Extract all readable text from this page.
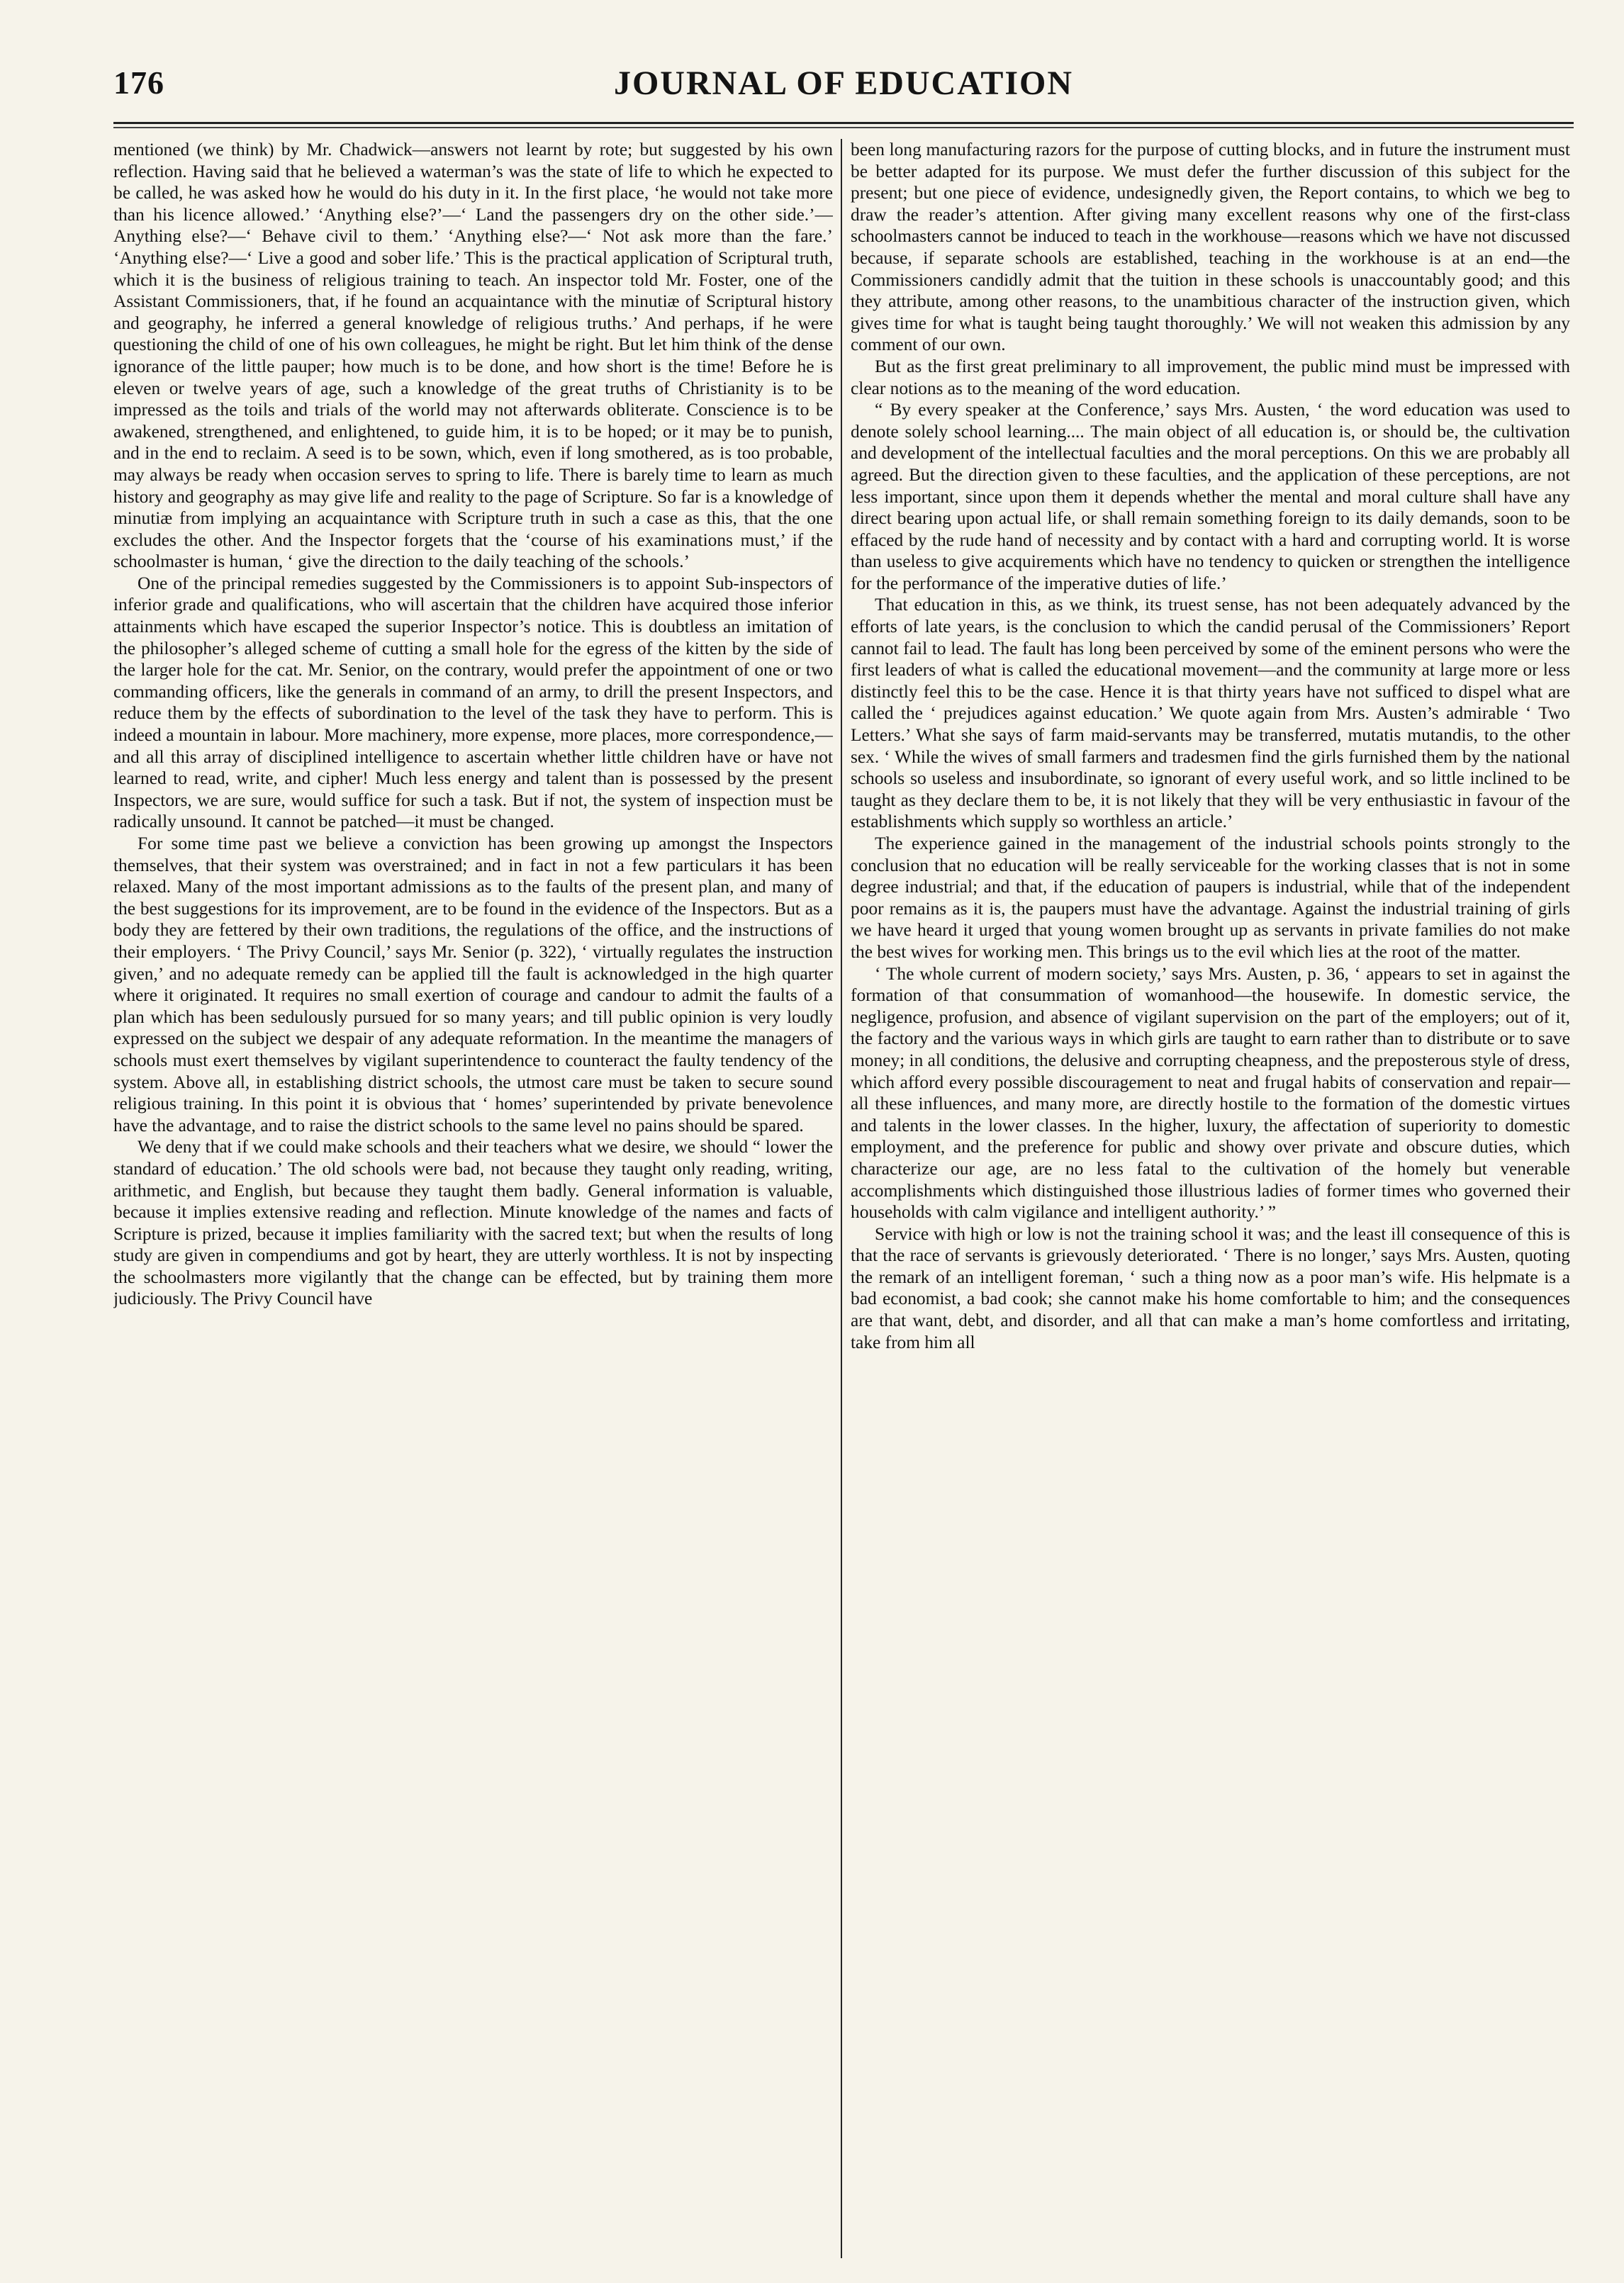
176	JOURNAL OF EDUCATION

mentioned (we think) by Mr. Chadwick—answers not learnt by rote; but suggested by his own reflection. Having said that he believed a waterman’s was the state of life to which he expected to be called, he was asked how he would do his duty in it. In the first place, ‘he would not take more than his licence allowed.’ ‘Anything else?’—‘ Land the passengers dry on the other side.’— Anything else?—‘ Behave civil to them.’ ‘Anything else?—‘ Not ask more than the fare.’ ‘Anything else?—‘ Live a good and sober life.’ This is the practical application of Scriptural truth, which it is the business of religious training to teach. An inspector told Mr. Foster, one of the Assistant Commissioners, that, if he found an acquaintance with the minutiæ of Scriptural history and geography, he inferred a general knowledge of religious truths.’ And perhaps, if he were questioning the child of one of his own colleagues, he might be right. But let him think of the dense ignorance of the little pauper; how much is to be done, and how short is the time! Before he is eleven or twelve years of age, such a knowledge of the great truths of Christianity is to be impressed as the toils and trials of the world may not afterwards obliterate. Conscience is to be awakened, strengthened, and enlightened, to guide him, it is to be hoped; or it may be to punish, and in the end to reclaim. A seed is to be sown, which, even if long smothered, as is too probable, may always be ready when occasion serves to spring to life. There is barely time to learn as much history and geography as may give life and reality to the page of Scripture. So far is a knowledge of minutiæ from implying an acquaintance with Scripture truth in such a case as this, that the one excludes the other. And the Inspector forgets that the ‘course of his examinations must,’ if the schoolmaster is human, ‘ give the direction to the daily teaching of the schools.’

One of the principal remedies suggested by the Commissioners is to appoint Sub-inspectors of inferior grade and qualifications, who will ascertain that the children have acquired those inferior attainments which have escaped the superior Inspector’s notice. This is doubtless an imitation of the philosopher’s alleged scheme of cutting a small hole for the egress of the kitten by the side of the larger hole for the cat. Mr. Senior, on the contrary, would prefer the appointment of one or two commanding officers, like the generals in command of an army, to drill the present Inspectors, and reduce them by the effects of subordination to the level of the task they have to perform. This is indeed a mountain in labour. More machinery, more expense, more places, more correspondence,—and all this array of disciplined intelligence to ascertain whether little children have or have not learned to read, write, and cipher! Much less energy and talent than is possessed by the present Inspectors, we are sure, would suffice for such a task. But if not, the system of inspection must be radically unsound. It cannot be patched—it must be changed.

For some time past we believe a conviction has been growing up amongst the Inspectors themselves, that their system was overstrained; and in fact in not a few particulars it has been relaxed. Many of the most important admissions as to the faults of the present plan, and many of the best suggestions for its improvement, are to be found in the evidence of the Inspectors. But as a body they are fettered by their own traditions, the regulations of the office, and the instructions of their employers. ‘ The Privy Council,’ says Mr. Senior (p. 322), ‘ virtually regulates the instruction given,’ and no adequate remedy can be applied till the fault is acknowledged in the high quarter where it originated. It requires no small exertion of courage and candour to admit the faults of a plan which has been sedulously pursued for so many years; and till public opinion is very loudly expressed on the subject we despair of any adequate reformation. In the meantime the managers of schools must exert themselves by vigilant superintendence to counteract the faulty tendency of the system. Above all, in establishing district schools, the utmost care must be taken to secure sound religious training. In this point it is obvious that ‘ homes’ superintended by private benevolence have the advantage, and to raise the district schools to the same level no pains should be spared.

We deny that if we could make schools and their teachers what we desire, we should “ lower the standard of education.’ The old schools were bad, not because they taught only reading, writing, arithmetic, and English, but because they taught them badly. General information is valuable, because it implies extensive reading and reflection. Minute knowledge of the names and facts of Scripture is prized, because it implies familiarity with the sacred text; but when the results of long study are given in compendiums and got by heart, they are utterly worthless. It is not by inspecting the schoolmasters more vigilantly that the change can be effected, but by training them more judiciously. The Privy Council have

been long manufacturing razors for the purpose of cutting blocks, and in future the instrument must be better adapted for its purpose. We must defer the further discussion of this subject for the present; but one piece of evidence, undesignedly given, the Report contains, to which we beg to draw the reader’s attention. After giving many excellent reasons why one of the first-class schoolmasters cannot be induced to teach in the workhouse—reasons which we have not discussed because, if separate schools are established, teaching in the workhouse is at an end—the Commissioners candidly admit that the tuition in these schools is unaccountably good; and this they attribute, among other reasons, to the unambitious character of the instruction given, which gives time for what is taught being taught thoroughly.’ We will not weaken this admission by any comment of our own.

But as the first great preliminary to all improvement, the public mind must be impressed with clear notions as to the meaning of the word education.

“ By every speaker at the Conference,’ says Mrs. Austen, ‘ the word education was used to denote solely school learning.... The main object of all education is, or should be, the cultivation and development of the intellectual faculties and the moral perceptions. On this we are probably all agreed. But the direction given to these faculties, and the application of these perceptions, are not less important, since upon them it depends whether the mental and moral culture shall have any direct bearing upon actual life, or shall remain something foreign to its daily demands, soon to be effaced by the rude hand of necessity and by contact with a hard and corrupting world. It is worse than useless to give acquirements which have no tendency to quicken or strengthen the intelligence for the performance of the imperative duties of life.’

That education in this, as we think, its truest sense, has not been adequately advanced by the efforts of late years, is the conclusion to which the candid perusal of the Commissioners’ Report cannot fail to lead. The fault has long been perceived by some of the eminent persons who were the first leaders of what is called the educational movement—and the community at large more or less distinctly feel this to be the case. Hence it is that thirty years have not sufficed to dispel what are called the ‘ prejudices against education.’ We quote again from Mrs. Austen’s admirable ‘ Two Letters.’ What she says of farm maid-servants may be transferred, mutatis mutandis, to the other sex. ‘ While the wives of small farmers and tradesmen find the girls furnished them by the national schools so useless and insubordinate, so ignorant of every useful work, and so little inclined to be taught as they declare them to be, it is not likely that they will be very enthusiastic in favour of the establishments which supply so worthless an article.’

The experience gained in the management of the industrial schools points strongly to the conclusion that no education will be really serviceable for the working classes that is not in some degree industrial; and that, if the education of paupers is industrial, while that of the independent poor remains as it is, the paupers must have the advantage. Against the industrial training of girls we have heard it urged that young women brought up as servants in private families do not make the best wives for working men. This brings us to the evil which lies at the root of the matter.

‘ The whole current of modern society,’ says Mrs. Austen, p. 36, ‘ appears to set in against the formation of that consummation of womanhood—the housewife. In domestic service, the negligence, profusion, and absence of vigilant supervision on the part of the employers; out of it, the factory and the various ways in which girls are taught to earn rather than to distribute or to save money; in all conditions, the delusive and corrupting cheapness, and the preposterous style of dress, which afford every possible discouragement to neat and frugal habits of conservation and repair—all these influences, and many more, are directly hostile to the formation of the domestic virtues and talents in the lower classes. In the higher, luxury, the affectation of superiority to domestic employment, and the preference for public and showy over private and obscure duties, which characterize our age, are no less fatal to the cultivation of the homely but venerable accomplishments which distinguished those illustrious ladies of former times who governed their households with calm vigilance and intelligent authority.’ ”

Service with high or low is not the training school it was; and the least ill consequence of this is that the race of servants is grievously deteriorated. ‘ There is no longer,’ says Mrs. Austen, quoting the remark of an intelligent foreman, ‘ such a thing now as a poor man’s wife. His helpmate is a bad economist, a bad cook; she cannot make his home comfortable to him; and the consequences are that want, debt, and disorder, and all that can make a man’s home comfortless and irritating, take from him all
